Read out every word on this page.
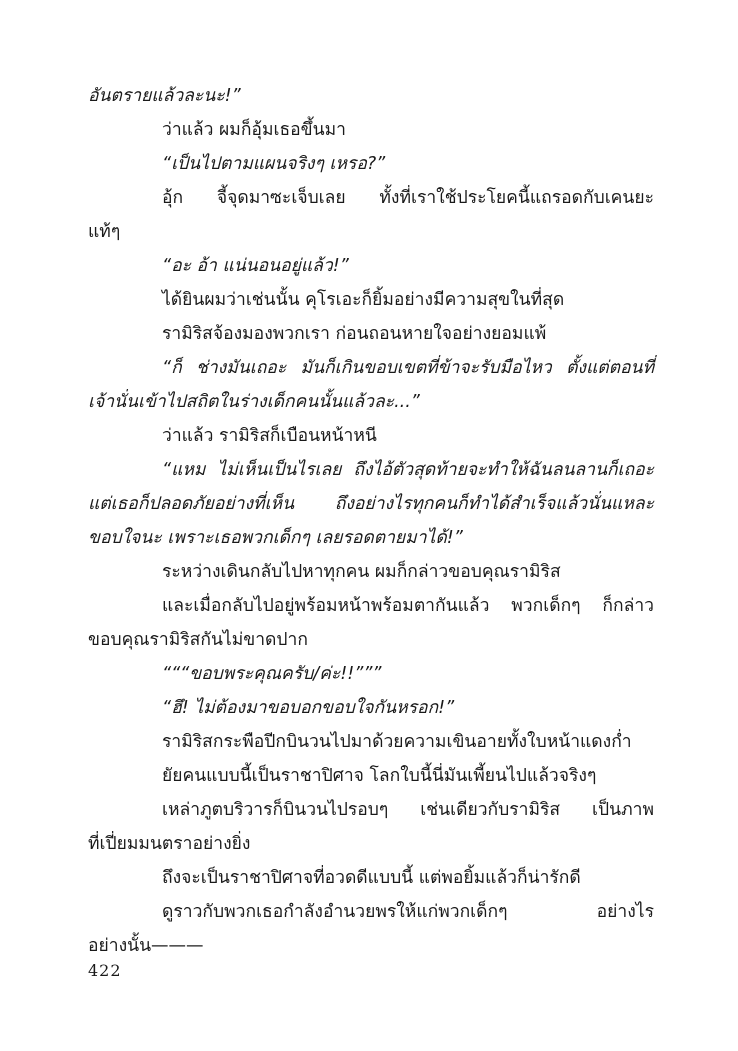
อันตรายแล้วละนะ!”
ว่าแล้ว ผมก็อุ้มเธอขึ้นมา
“เป็นไปตามแผนจริงๆ เหรอ?”
อุ้ก จี้จุดมาซะเจ็บเลย ทั้งที่เราใช้ประโยคนี้แถรอดกับเคนยะ
แท้ๆ
“อะ อ้า แน่นอนอยู่แล้ว!”
ได้ยินผมว่าเช่นนั้น คุโรเอะก็ยิ้มอย่างมีความสุขในที่สุด
รามิริสจ้องมองพวกเรา ก่อนถอนหายใจอย่างยอมแพ้
“ก็ ช่างมันเถอะ มันก็เกินขอบเขตที่ข้าจะรับมือไหว ตั้งแต่ตอนที่
เจ้านั่นเข้าไปสถิตในร่างเด็กคนนั้นแล้วละ...”
ว่าแล้ว รามิริสก็เบือนหน้าหนี
“แหม ไม่เห็นเป็นไรเลย ถึงไอ้ตัวสุดท้ายจะทำให้ฉันลนลานก็เถอะ
แต่เธอก็ปลอดภัยอย่างที่เห็น ถึงอย่างไรทุกคนก็ทำได้สำเร็จแล้วนั่นแหละ
ขอบใจนะ เพราะเธอพวกเด็กๆ เลยรอดตายมาได้!”
ระหว่างเดินกลับไปหาทุกคน ผมก็กล่าวขอบคุณรามิริส
และเมื่อกลับไปอยู่พร้อมหน้าพร้อมตากันแล้ว พวกเด็กๆ ก็กล่าว
ขอบคุณรามิริสกันไม่ขาดปาก
“““ขอบพระคุณครับ/ค่ะ!!”””
“ฮึ! ไม่ต้องมาขอบอกขอบใจกันหรอก!”
รามิริสกระพือปีกบินวนไปมาด้วยความเขินอายทั้งใบหน้าแดงก่ำ
ยัยคนแบบนี้เป็นราชาปิศาจ โลกใบนี้นี่มันเพี้ยนไปแล้วจริงๆ
เหล่าภูตบริวารก็บินวนไปรอบๆ เช่นเดียวกับรามิริส เป็นภาพ
ที่เปี่ยมมนตราอย่างยิ่ง
ถึงจะเป็นราชาปิศาจที่อวดดีแบบนี้ แต่พอยิ้มแล้วก็น่ารักดี
ดูราวกับพวกเธอกำลังอำนวยพรให้แก่พวกเด็กๆ อย่างไร
อย่างนั้น———
422
